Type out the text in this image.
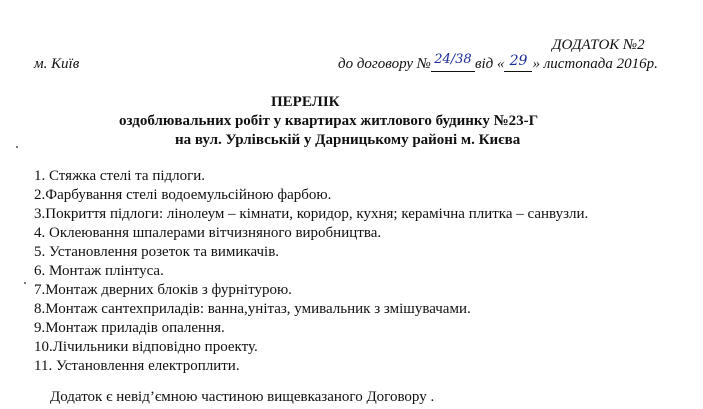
ДОДАТОК №2
м. Київ	до договору № 24/38 від « 29 » листопада 2016р.
ПЕРЕЛІК
оздоблювальних робіт у квартирах житлового будинку №23-Г
на вул. Урлівській у Дарницькому районі м. Києва
1. Стяжка стелі та підлоги.
2.Фарбування стелі водоемульсійною фарбою.
3.Покриття підлоги: лінолеум – кімнати, коридор, кухня; керамічна плитка – санвузли.
4. Оклеювання шпалерами вітчизняного виробництва.
5. Установлення розеток та вимикачів.
6. Монтаж плінтуса.
7.Монтаж дверних блоків з фурнітурою.
8.Монтаж сантехприладів: ванна,унітаз, умивальник з змішувачами.
9.Монтаж приладів опалення.
10.Лічильники відповідно проекту.
11. Установлення електроплити.
Додаток є невід’ємною частиною вищевказаного Договору .
